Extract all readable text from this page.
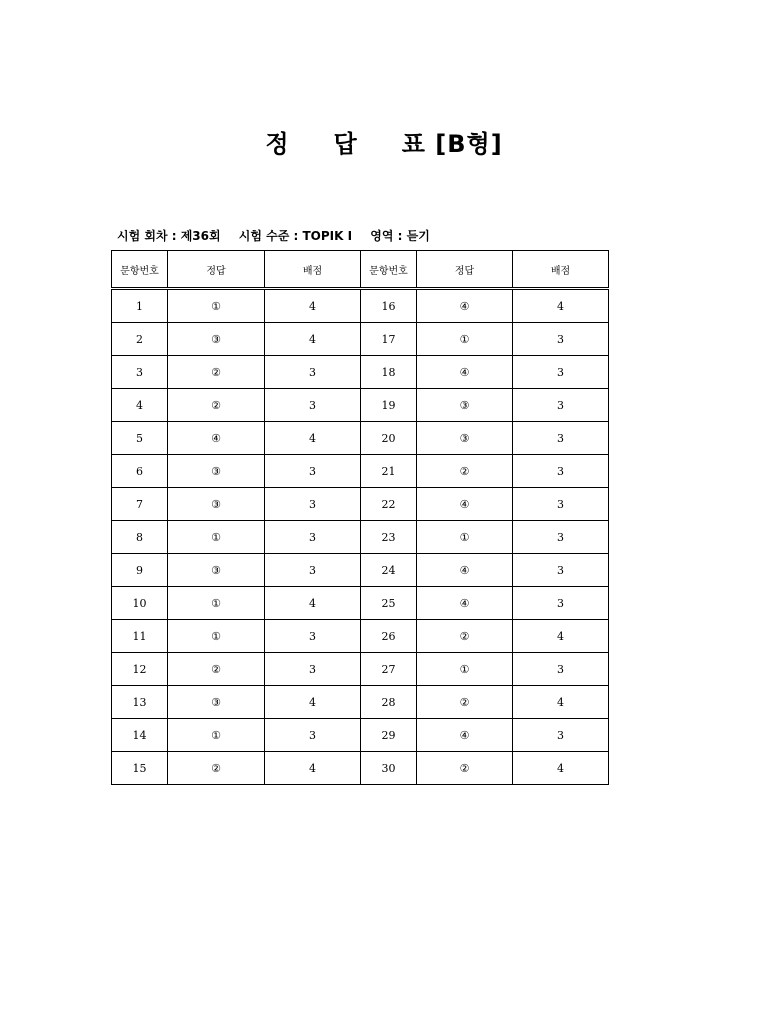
정 답 표 [B형]
시험 회차 : 제36회 시험 수준 : TOPIK I 영역 : 듣기
문항번호	정답	배점	문항번호	정답	배점
1	①	4	16	④	4
2	③	4	17	①	3
3	②	3	18	④	3
4	②	3	19	③	3
5	④	4	20	③	3
6	③	3	21	②	3
7	③	3	22	④	3
8	①	3	23	①	3
9	③	3	24	④	3
10	①	4	25	④	3
11	①	3	26	②	4
12	②	3	27	①	3
13	③	4	28	②	4
14	①	3	29	④	3
15	②	4	30	②	4
